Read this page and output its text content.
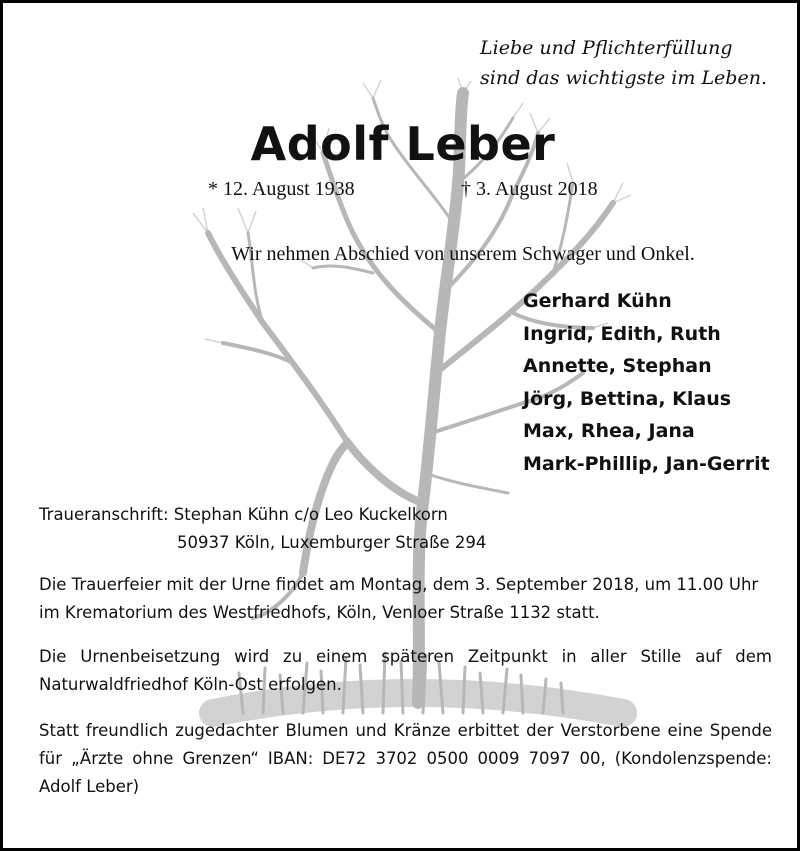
Liebe und Pflichterfüllung
sind das wichtigste im Leben.
Adolf Leber
* 12. August 1938	† 3. August 2018
Wir nehmen Abschied von unserem Schwager und Onkel.
Gerhard Kühn
Ingrid, Edith, Ruth
Annette, Stephan
Jörg, Bettina, Klaus
Max, Rhea, Jana
Mark-Phillip, Jan-Gerrit
Traueranschrift: Stephan Kühn c/o Leo Kuckelkorn
50937 Köln, Luxemburger Straße 294
Die Trauerfeier mit der Urne findet am Montag, dem 3. September 2018, um 11.00 Uhr im Krematorium des Westfriedhofs, Köln, Venloer Straße 1132 statt.
Die Urnenbeisetzung wird zu einem späteren Zeitpunkt in aller Stille auf dem Naturwaldfriedhof Köln-Ost erfolgen.
Statt freundlich zugedachter Blumen und Kränze erbittet der Verstorbene eine Spende für „Ärzte ohne Grenzen“ IBAN: DE72 3702 0500 0009 7097 00, (Kondolenzspende: Adolf Leber)
